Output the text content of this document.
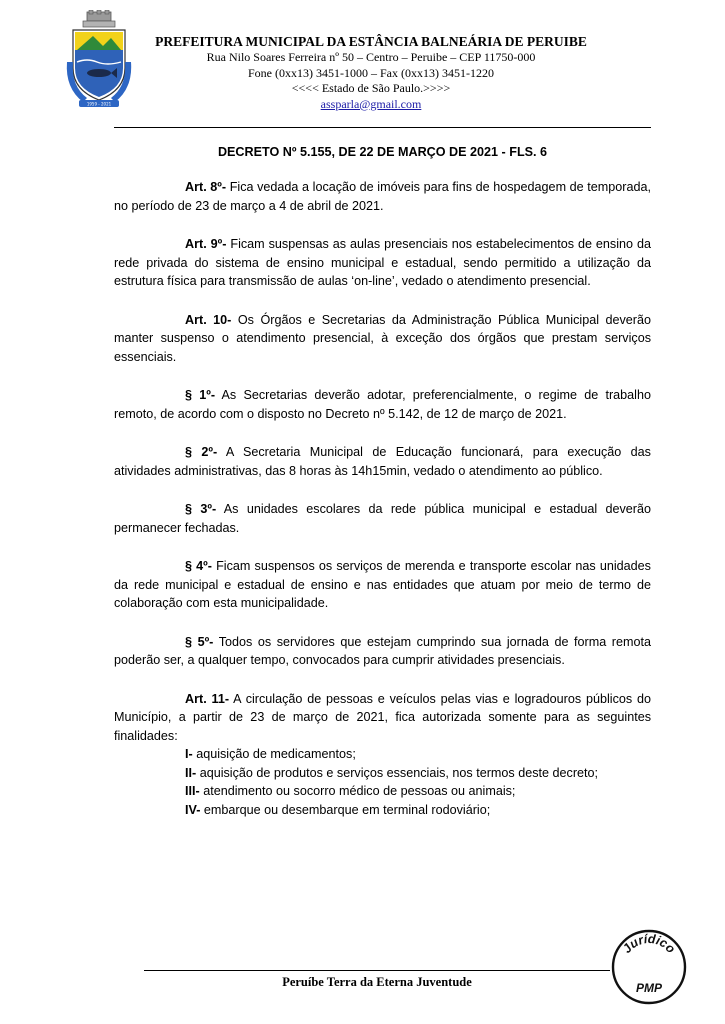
1959 - 2021
PREFEITURA MUNICIPAL DA ESTÂNCIA BALNEÁRIA DE PERUIBE
Rua Nilo Soares Ferreira nº 50 – Centro – Peruibe – CEP 11750-000
Fone (0xx13) 3451-1000 – Fax (0xx13) 3451-1220
<<<< Estado de São Paulo.>>>>
assparla@gmail.com
DECRETO Nº 5.155, DE 22 DE MARÇO DE 2021 - FLS. 6

Art. 8º- Fica vedada a locação de imóveis para fins de hospedagem de temporada, no período de 23 de março a 4 de abril de 2021.

Art. 9º- Ficam suspensas as aulas presenciais nos estabelecimentos de ensino da rede privada do sistema de ensino municipal e estadual, sendo permitido a utilização da estrutura física para transmissão de aulas ‘on-line’, vedado o atendimento presencial.

Art. 10- Os Órgãos e Secretarias da Administração Pública Municipal deverão manter suspenso o atendimento presencial, à exceção dos órgãos que prestam serviços essenciais.

§ 1º- As Secretarias deverão adotar, preferencialmente, o regime de trabalho remoto, de acordo com o disposto no Decreto nº 5.142, de 12 de março de 2021.

§ 2º- A Secretaria Municipal de Educação funcionará, para execução das atividades administrativas, das 8 horas às 14h15min, vedado o atendimento ao público.

§ 3º- As unidades escolares da rede pública municipal e estadual deverão permanecer fechadas.

§ 4º- Ficam suspensos os serviços de merenda e transporte escolar nas unidades da rede municipal e estadual de ensino e nas entidades que atuam por meio de termo de colaboração com esta municipalidade.

§ 5º- Todos os servidores que estejam cumprindo sua jornada de forma remota poderão ser, a qualquer tempo, convocados para cumprir atividades presenciais.

Art. 11- A circulação de pessoas e veículos pelas vias e logradouros públicos do Município, a partir de 23 de março de 2021, fica autorizada somente para as seguintes finalidades:

I- aquisição de medicamentos;

II- aquisição de produtos e serviços essenciais, nos termos deste decreto;

III- atendimento ou socorro médico de pessoas ou animais;

IV- embarque ou desembarque em terminal rodoviário;

Peruíbe Terra da Eterna Juventude
Jurídico
PMP
